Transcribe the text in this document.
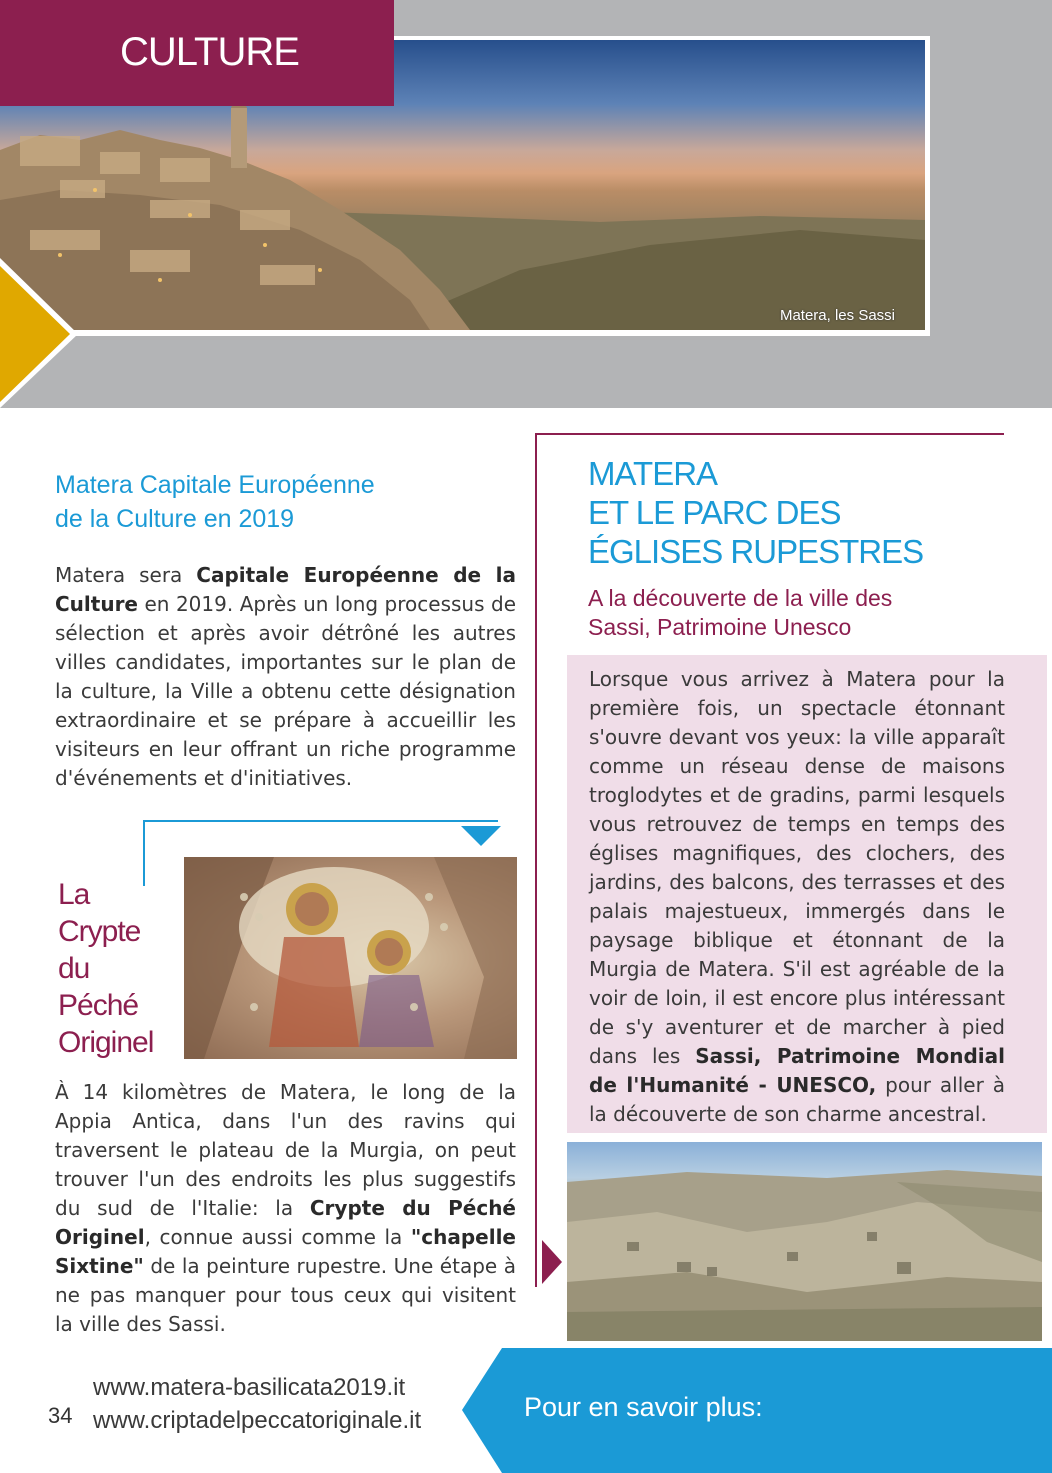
Matera, les Sassi
CULTURE
Matera Capitale Européenne
de la Culture en 2019
Matera sera Capitale Européenne de la Culture en 2019. Après un long processus de sélection et après avoir détrôné les autres villes candidates, importantes sur le plan de la culture, la Ville a obtenu cette désignation extraordinaire et se prépare à accueillir les visiteurs en leur offrant un riche programme d'événements et d'initiatives.
La
Crypte
du
Péché
Originel
À 14 kilomètres de Matera, le long de la Appia Antica, dans l'un des ravins qui traversent le plateau de la Murgia, on peut trouver l'un des endroits les plus suggestifs du sud de l'Italie: la Crypte du Péché Originel, connue aussi comme la "chapelle Sixtine" de la peinture rupestre. Une étape à ne pas manquer pour tous ceux qui visitent la ville des Sassi.
MATERA
ET LE PARC DES
ÉGLISES RUPESTRES
A la découverte de la ville des
Sassi, Patrimoine Unesco
Lorsque vous arrivez à Matera pour la première fois, un spectacle étonnant s'ouvre devant vos yeux: la ville apparaît comme un réseau dense de maisons troglodytes et de gradins, parmi lesquels vous retrouvez de temps en temps des églises magnifiques, des clochers, des jardins, des balcons, des terrasses et des palais majestueux, immergés dans le paysage biblique et étonnant de la Murgia de Matera. S'il est agréable de la voir de loin, il est encore plus intéressant de s'y aventurer et de marcher à pied dans les Sassi, Patrimoine Mondial de l'Humanité - UNESCO, pour aller à la découverte de son charme ancestral.
34
www.matera-basilicata2019.it
www.criptadelpeccatoriginale.it	Pour en savoir plus:
